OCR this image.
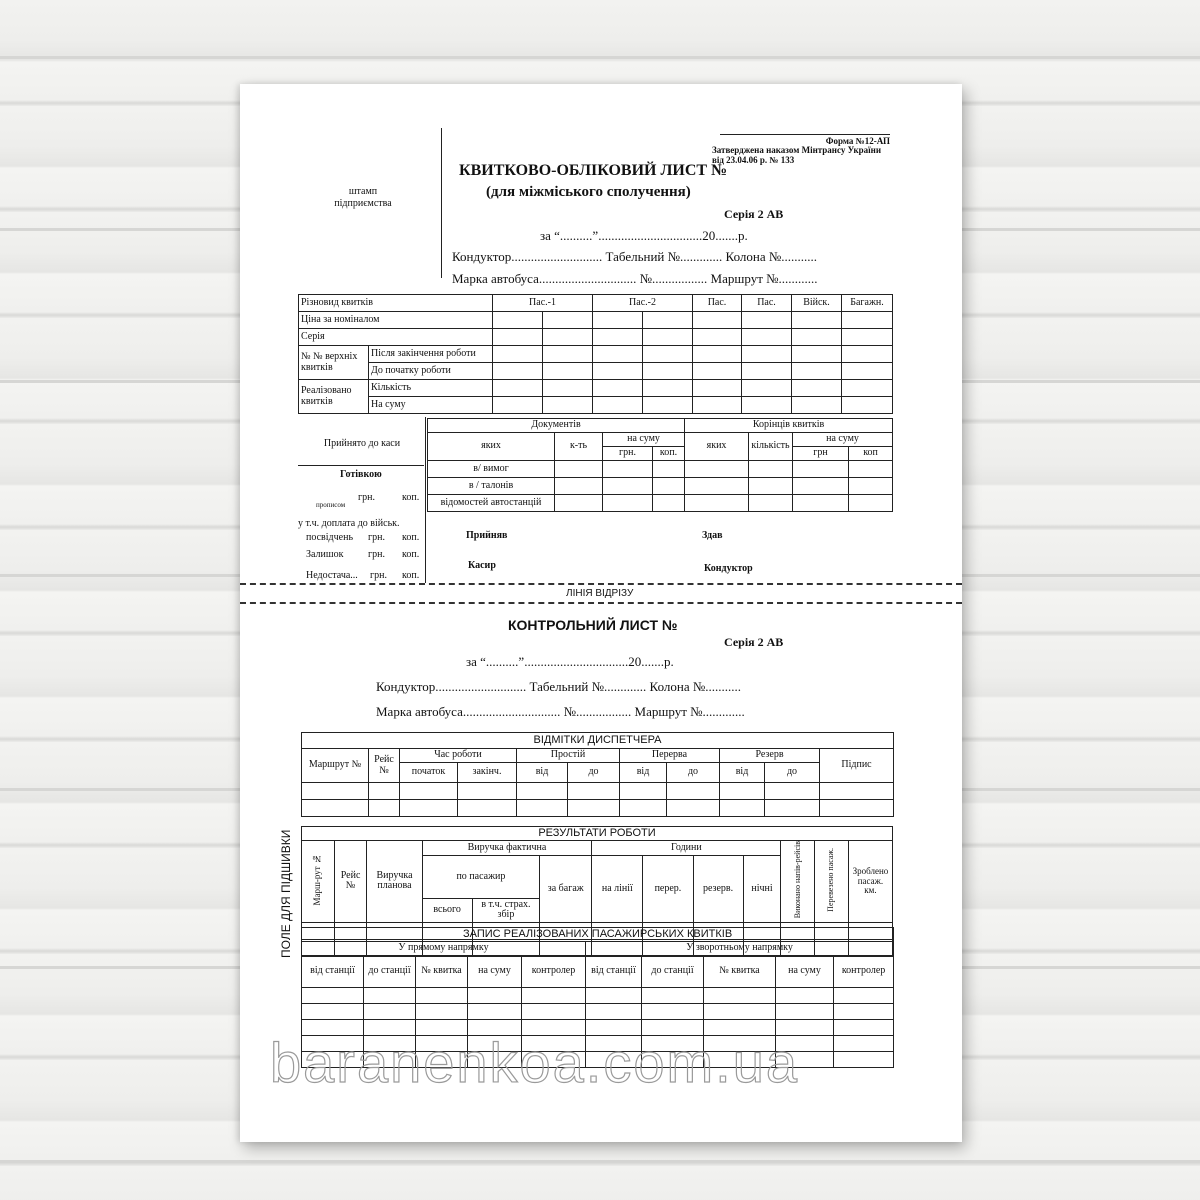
штамп
підприємства
Форма №12-АП
Затверджена наказом Мінтрансу України
від 23.04.06 р. № 133
КВИТКОВО-ОБЛІКОВИЙ ЛИСТ №
(для міжміського сполучення)
Серія 2 АВ
за “..........”................................20.......р.
Кондуктор............................ Табельний №............. Колона №...........
Марка автобуса.............................. №................. Маршрут №............
Різновид квитків		Пас.-1		Пас.-2		Пас.	Пас.	Війск.	Багажн.
Ціна за номіналом									
Серія									
№ № верхніх квитків	Після закінчення роботи								
	До початку роботи								
Реалізовано квитків	Кількість								
	На суму								
Прийнято до каси
Готівкою
прописом
грн.	коп.
у т.ч. доплата до військ.
посвідчень грн. коп.
Залишок грн. коп.
Недостача... грн. коп.
Документів				Корінців квитків			
яких	к-ть	на суму		яких	кількість	на суму	
		грн.	коп.			грн	коп
в/ вимог							
в / талонів							
відомостей автостанцій							
Прийняв	Здав
Касир	Кондуктор
ЛІНІЯ ВІДРІЗУ
КОНТРОЛЬНИЙ ЛИСТ №
Серія 2 АВ
за “..........”................................20.......р.
Кондуктор............................ Табельний №............. Колона №...........
Марка автобуса.............................. №................. Маршрут №.............
ПОЛЕ ДЛЯ ПІДШИВКИ
ВІДМІТКИ ДИСПЕТЧЕРА										
Маршрут №	Рейс №	Час роботи		Простій		Перерва		Резерв		Підпис
		початок	закінч.	від	до	від	до	від	до	

РЕЗУЛЬТАТИ РОБОТИ												
Марш-рут №	Рейс №	Виручка планова	Виручка фактична			Години				Виконано напів-рейсів	Перевезено пасаж.	Зроблено пасаж. км.
			по пасажир		за багаж	на лінії	перер.	резерв.	нічні			
			всього	в т.ч. страх. збір								

ЗАПИС РЕАЛІЗОВАНИХ ПАСАЖИРСЬКИХ КВИТКІВ									
У прямому напрямку					У зворотньому напрямку				
від станції	до станції	№ квитка	на суму	контролер	від станції	до станції	№ квитка	на суму	контролер

baranenkoa.com.ua
